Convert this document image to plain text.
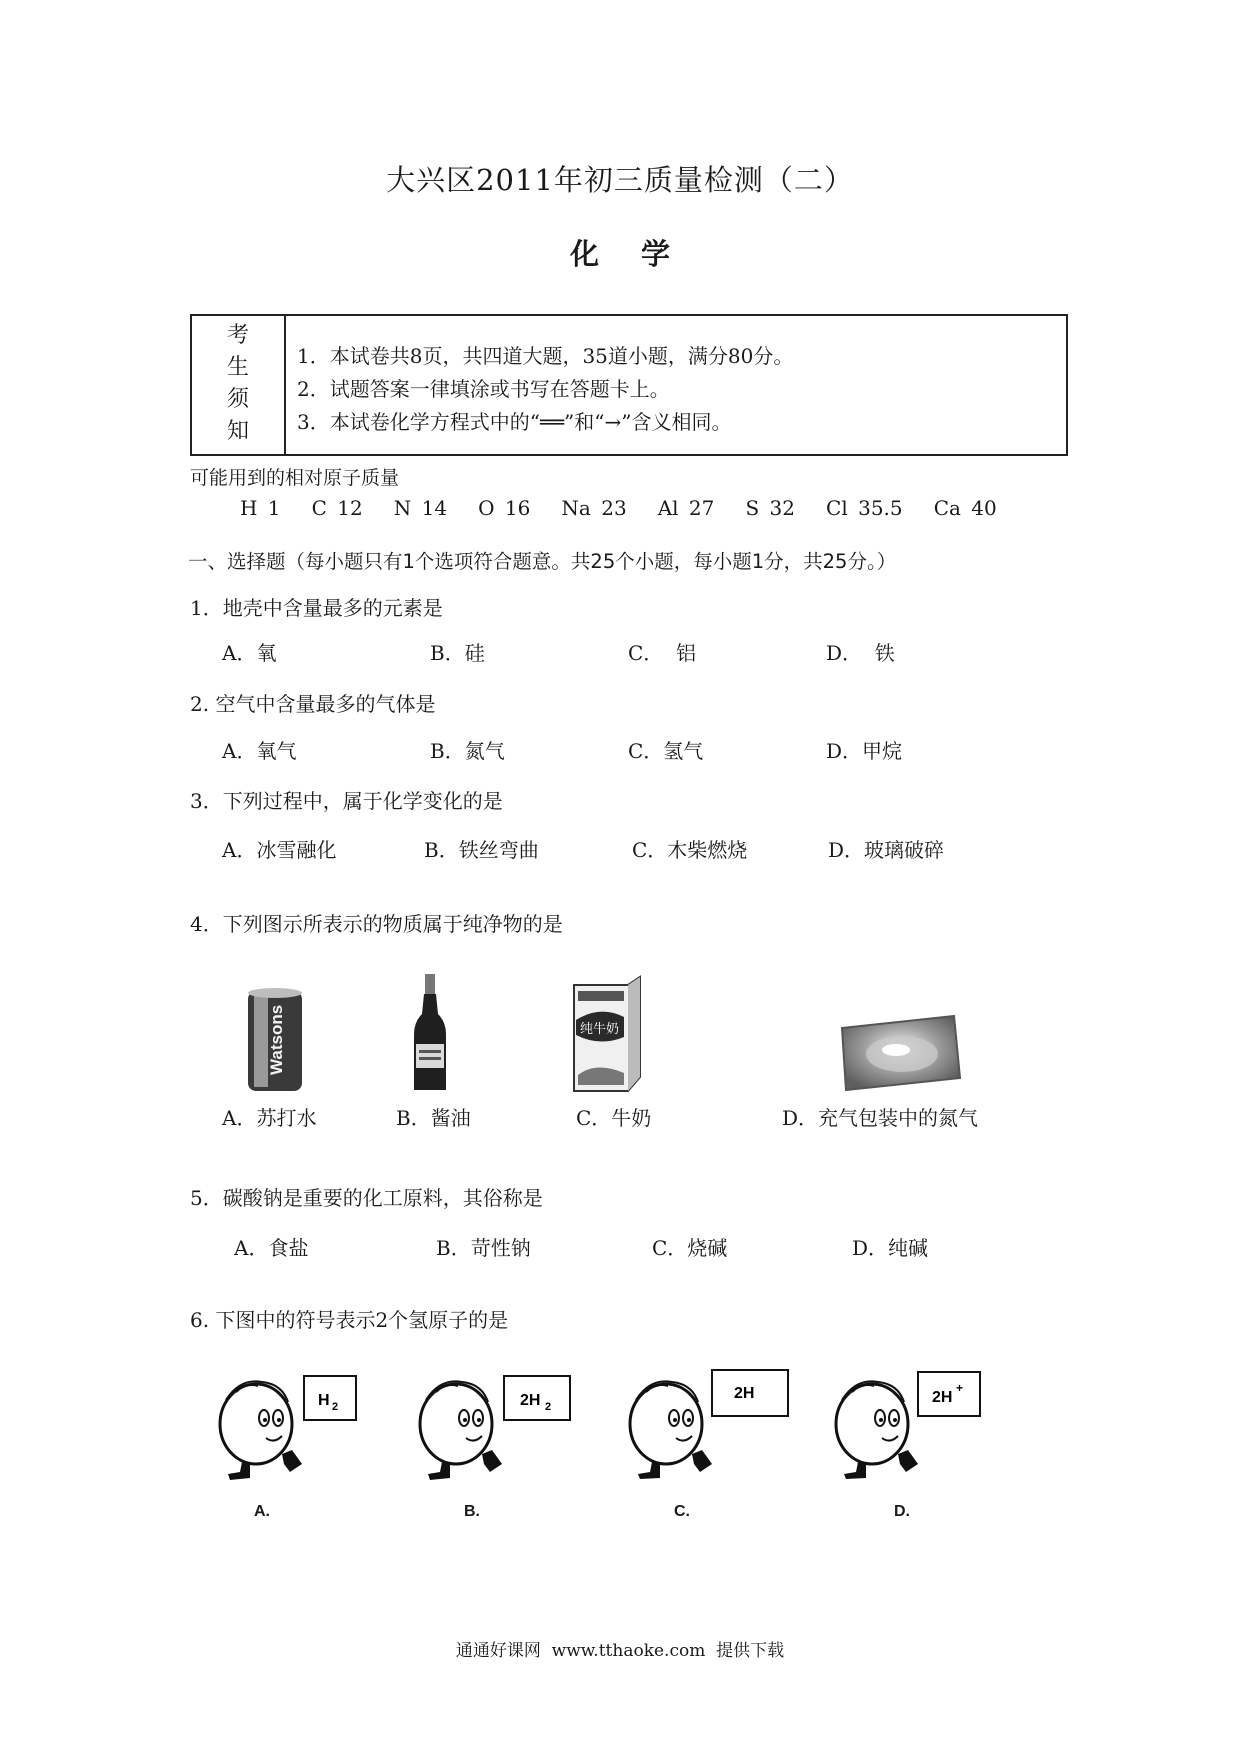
大兴区2011年初三质量检测（二）
化学
考
生
须
知
1．本试卷共8页，共四道大题，35道小题，满分80分。
2．试题答案一律填涂或书写在答题卡上。
3．本试卷化学方程式中的“══”和“→”含义相同。
可能用到的相对原子质量
H 1   C 12   N 14   O 16   Na 23   Al 27   S 32   Cl 35.5   Ca 40
一、选择题（每小题只有1个选项符合题意。共25个小题，每小题1分，共25分。）
1．地壳中含量最多的元素是
A．氧	B．硅	C．  铝	D．  铁
2. 空气中含量最多的气体是
A．氧气	B．氮气	C．氢气	D．甲烷
3．下列过程中，属于化学变化的是
A．冰雪融化	B．铁丝弯曲	C．木柴燃烧	D．玻璃破碎
4．下列图示所表示的物质属于纯净物的是
Watsons	纯牛奶
A．苏打水	B．酱油	C．牛奶	D．充气包装中的氮气
5．碳酸钠是重要的化工原料，其俗称是
A．食盐	B．苛性钠	C．烧碱	D．纯碱
6. 下图中的符号表示2个氢原子的是
H 2	2H 2
2H	2H
+
A.	B.	C.	D.
通通好课网  www.tthaoke.com  提供下载
